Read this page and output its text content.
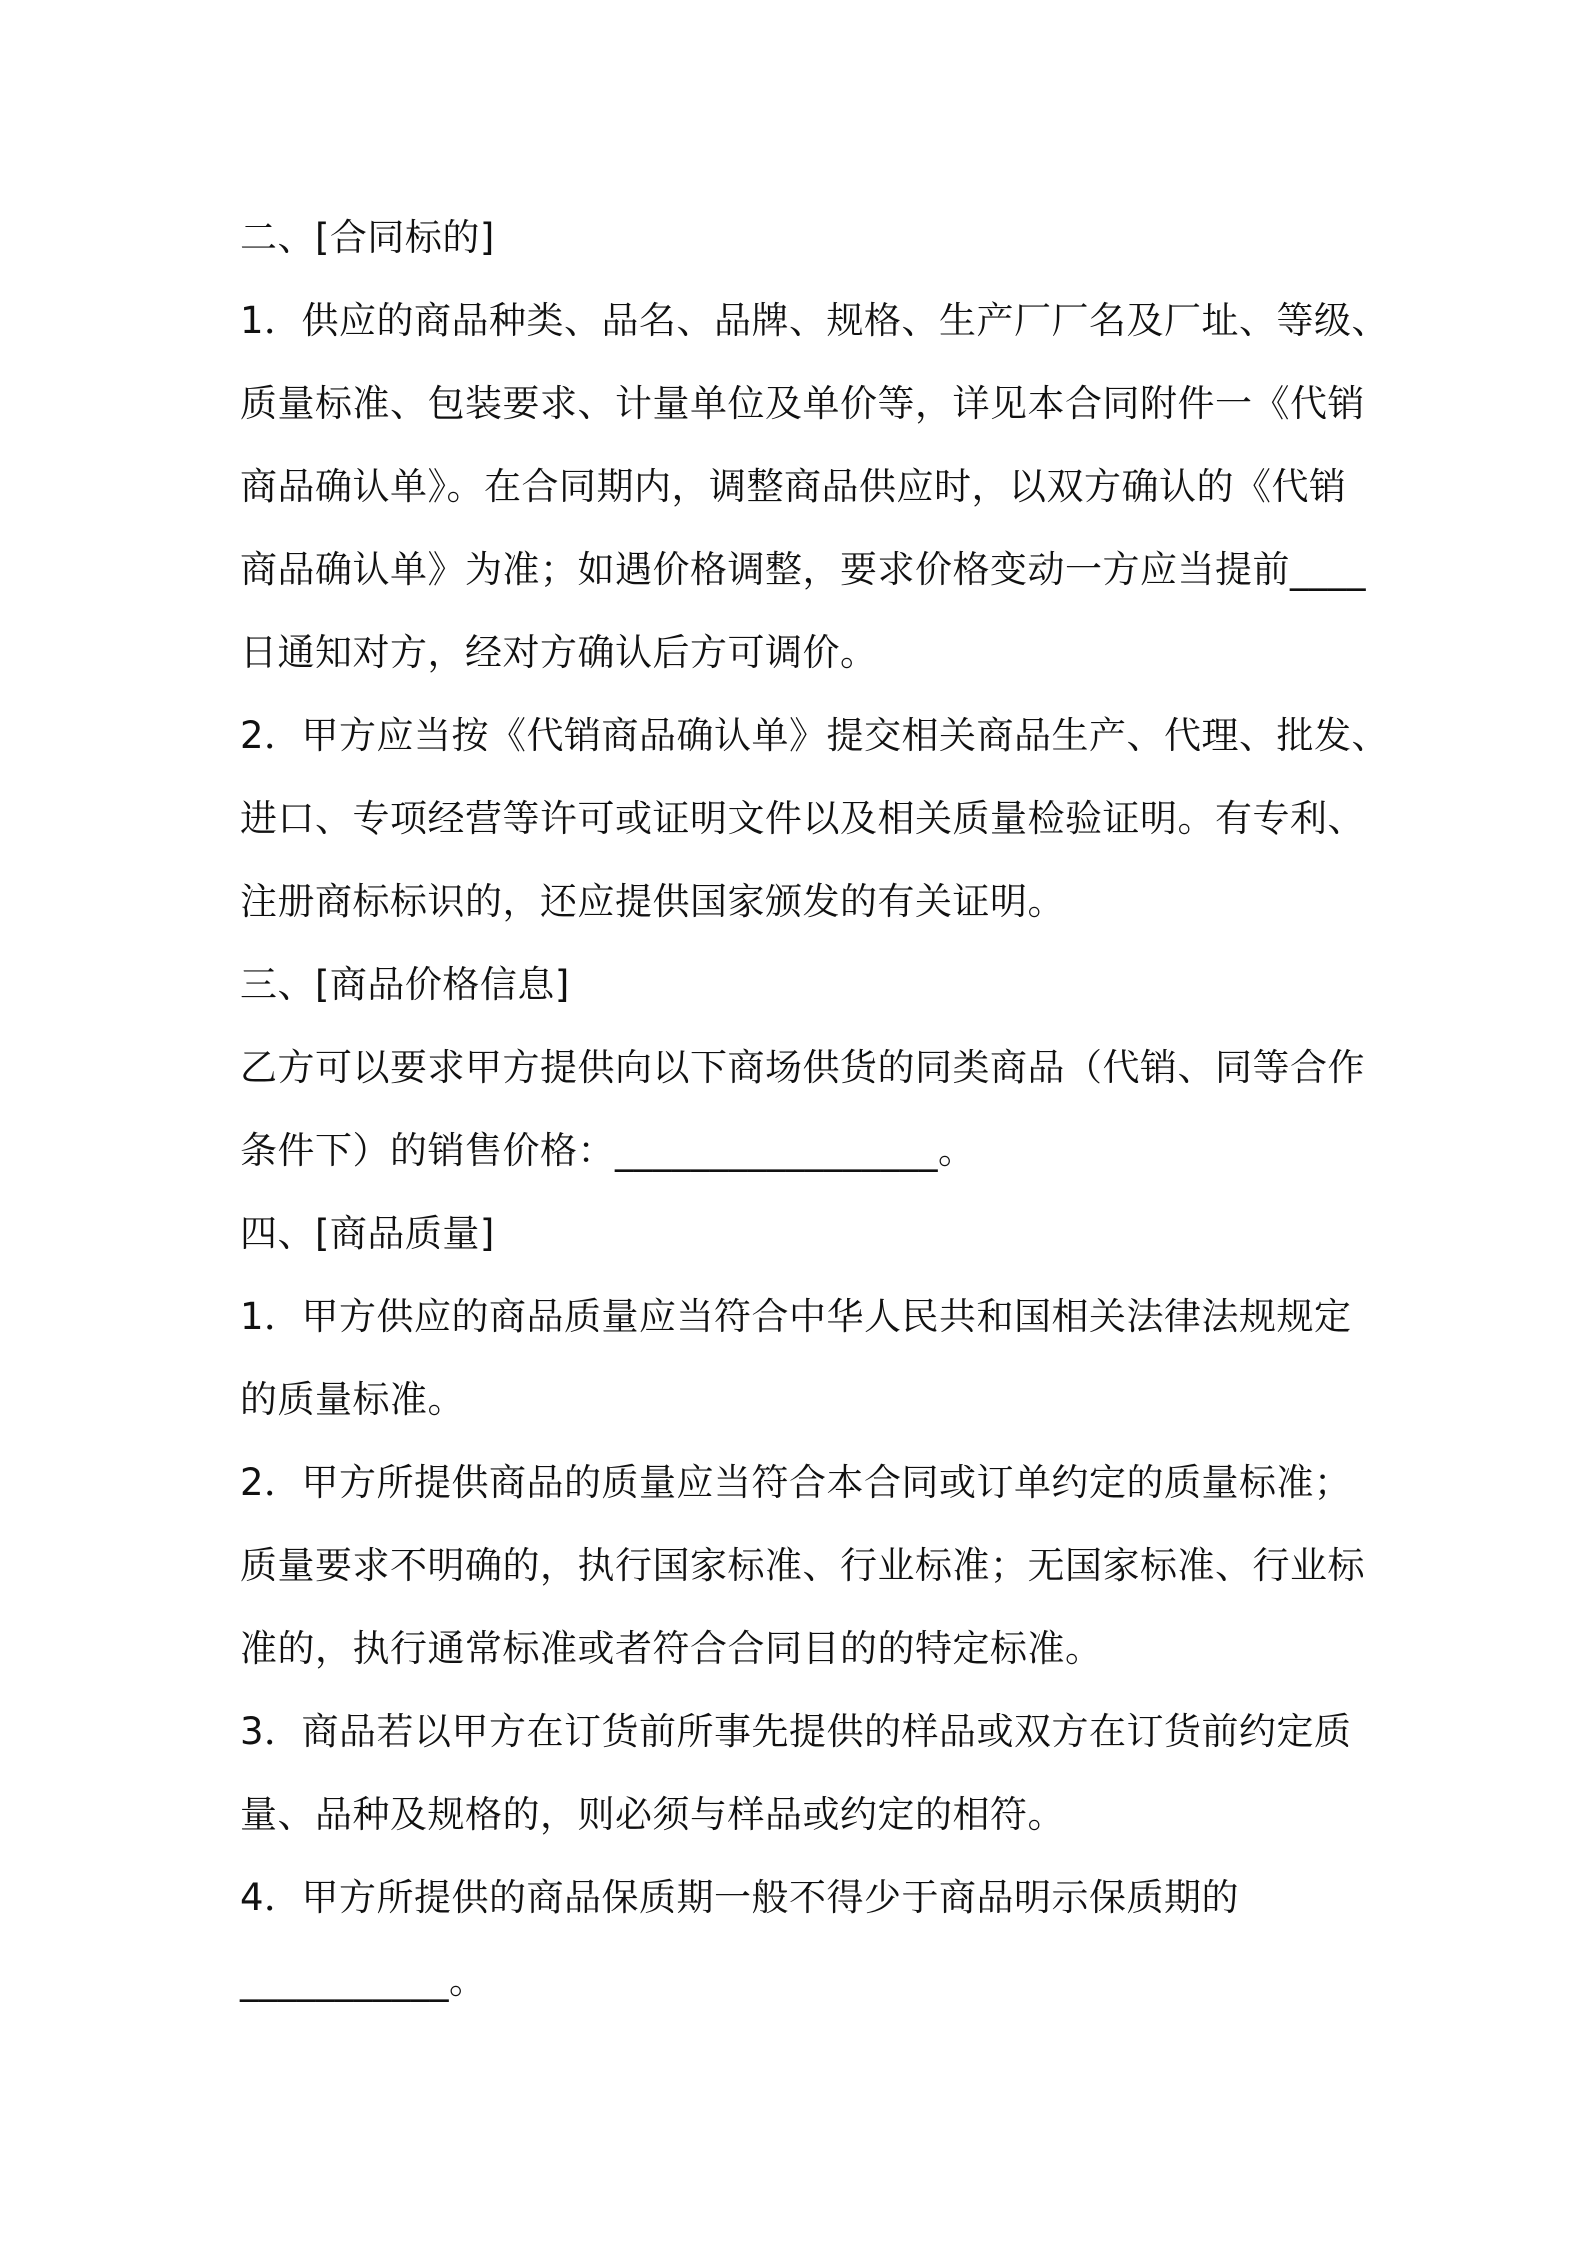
二、[合同标的]
1．供应的商品种类、品名、品牌、规格、生产厂厂名及厂址、等级、
质量标准、包装要求、计量单位及单价等，详见本合同附件一《代销
商品确认单》。在合同期内，调整商品供应时，以双方确认的《代销
商品确认单》为准；如遇价格调整，要求价格变动一方应当提前____
日通知对方，经对方确认后方可调价。
2．甲方应当按《代销商品确认单》提交相关商品生产、代理、批发、
进口、专项经营等许可或证明文件以及相关质量检验证明。有专利、
注册商标标识的，还应提供国家颁发的有关证明。
三、[商品价格信息]
乙方可以要求甲方提供向以下商场供货的同类商品（代销、同等合作
条件下）的销售价格：_________________。
四、[商品质量]
1．甲方供应的商品质量应当符合中华人民共和国相关法律法规规定
的质量标准。
2．甲方所提供商品的质量应当符合本合同或订单约定的质量标准；
质量要求不明确的，执行国家标准、行业标准；无国家标准、行业标
准的，执行通常标准或者符合合同目的的特定标准。
3．商品若以甲方在订货前所事先提供的样品或双方在订货前约定质
量、品种及规格的，则必须与样品或约定的相符。
4．甲方所提供的商品保质期一般不得少于商品明示保质期的
___________。
